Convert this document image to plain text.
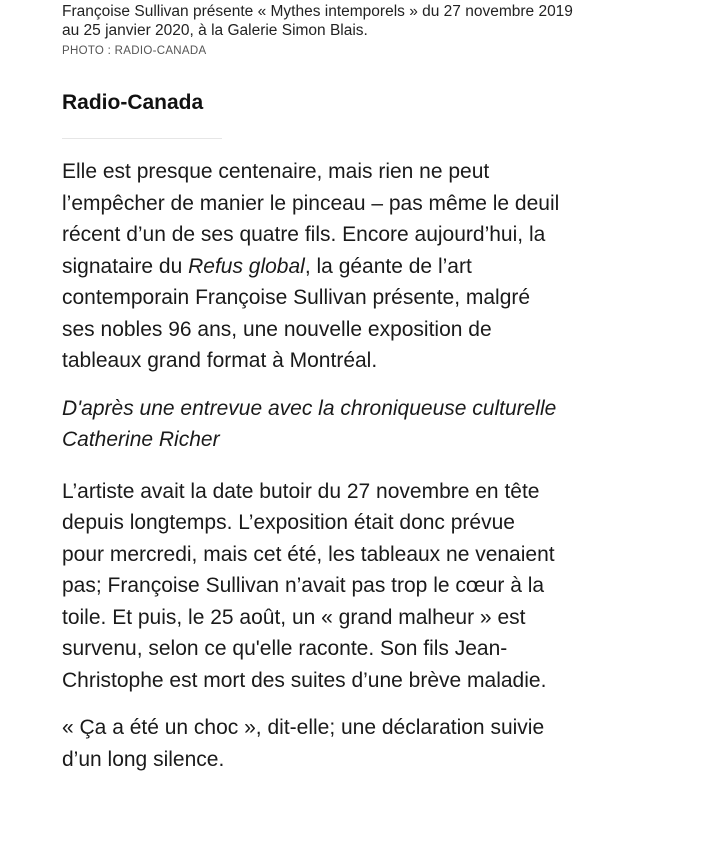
Françoise Sullivan présente « Mythes intemporels » du 27 novembre 2019
au 25 janvier 2020, à la Galerie Simon Blais.
PHOTO : RADIO-CANADA
Radio-Canada

Elle est presque centenaire, mais rien ne peut
l’empêcher de manier le pinceau – pas même le deuil
récent d’un de ses quatre fils. Encore aujourd’hui, la
signataire du Refus global, la géante de l’art
contemporain Françoise Sullivan présente, malgré
ses nobles 96 ans, une nouvelle exposition de
tableaux grand format à Montréal.

D'après une entrevue avec la chroniqueuse culturelle
Catherine Richer

L’artiste avait la date butoir du 27 novembre en tête
depuis longtemps. L’exposition était donc prévue
pour mercredi, mais cet été, les tableaux ne venaient
pas; Françoise Sullivan n’avait pas trop le cœur à la
toile. Et puis, le 25 août, un « grand malheur » est
survenu, selon ce qu'elle raconte. Son fils Jean-
Christophe est mort des suites d’une brève maladie.

« Ça a été un choc », dit-elle; une déclaration suivie
d’un long silence.
